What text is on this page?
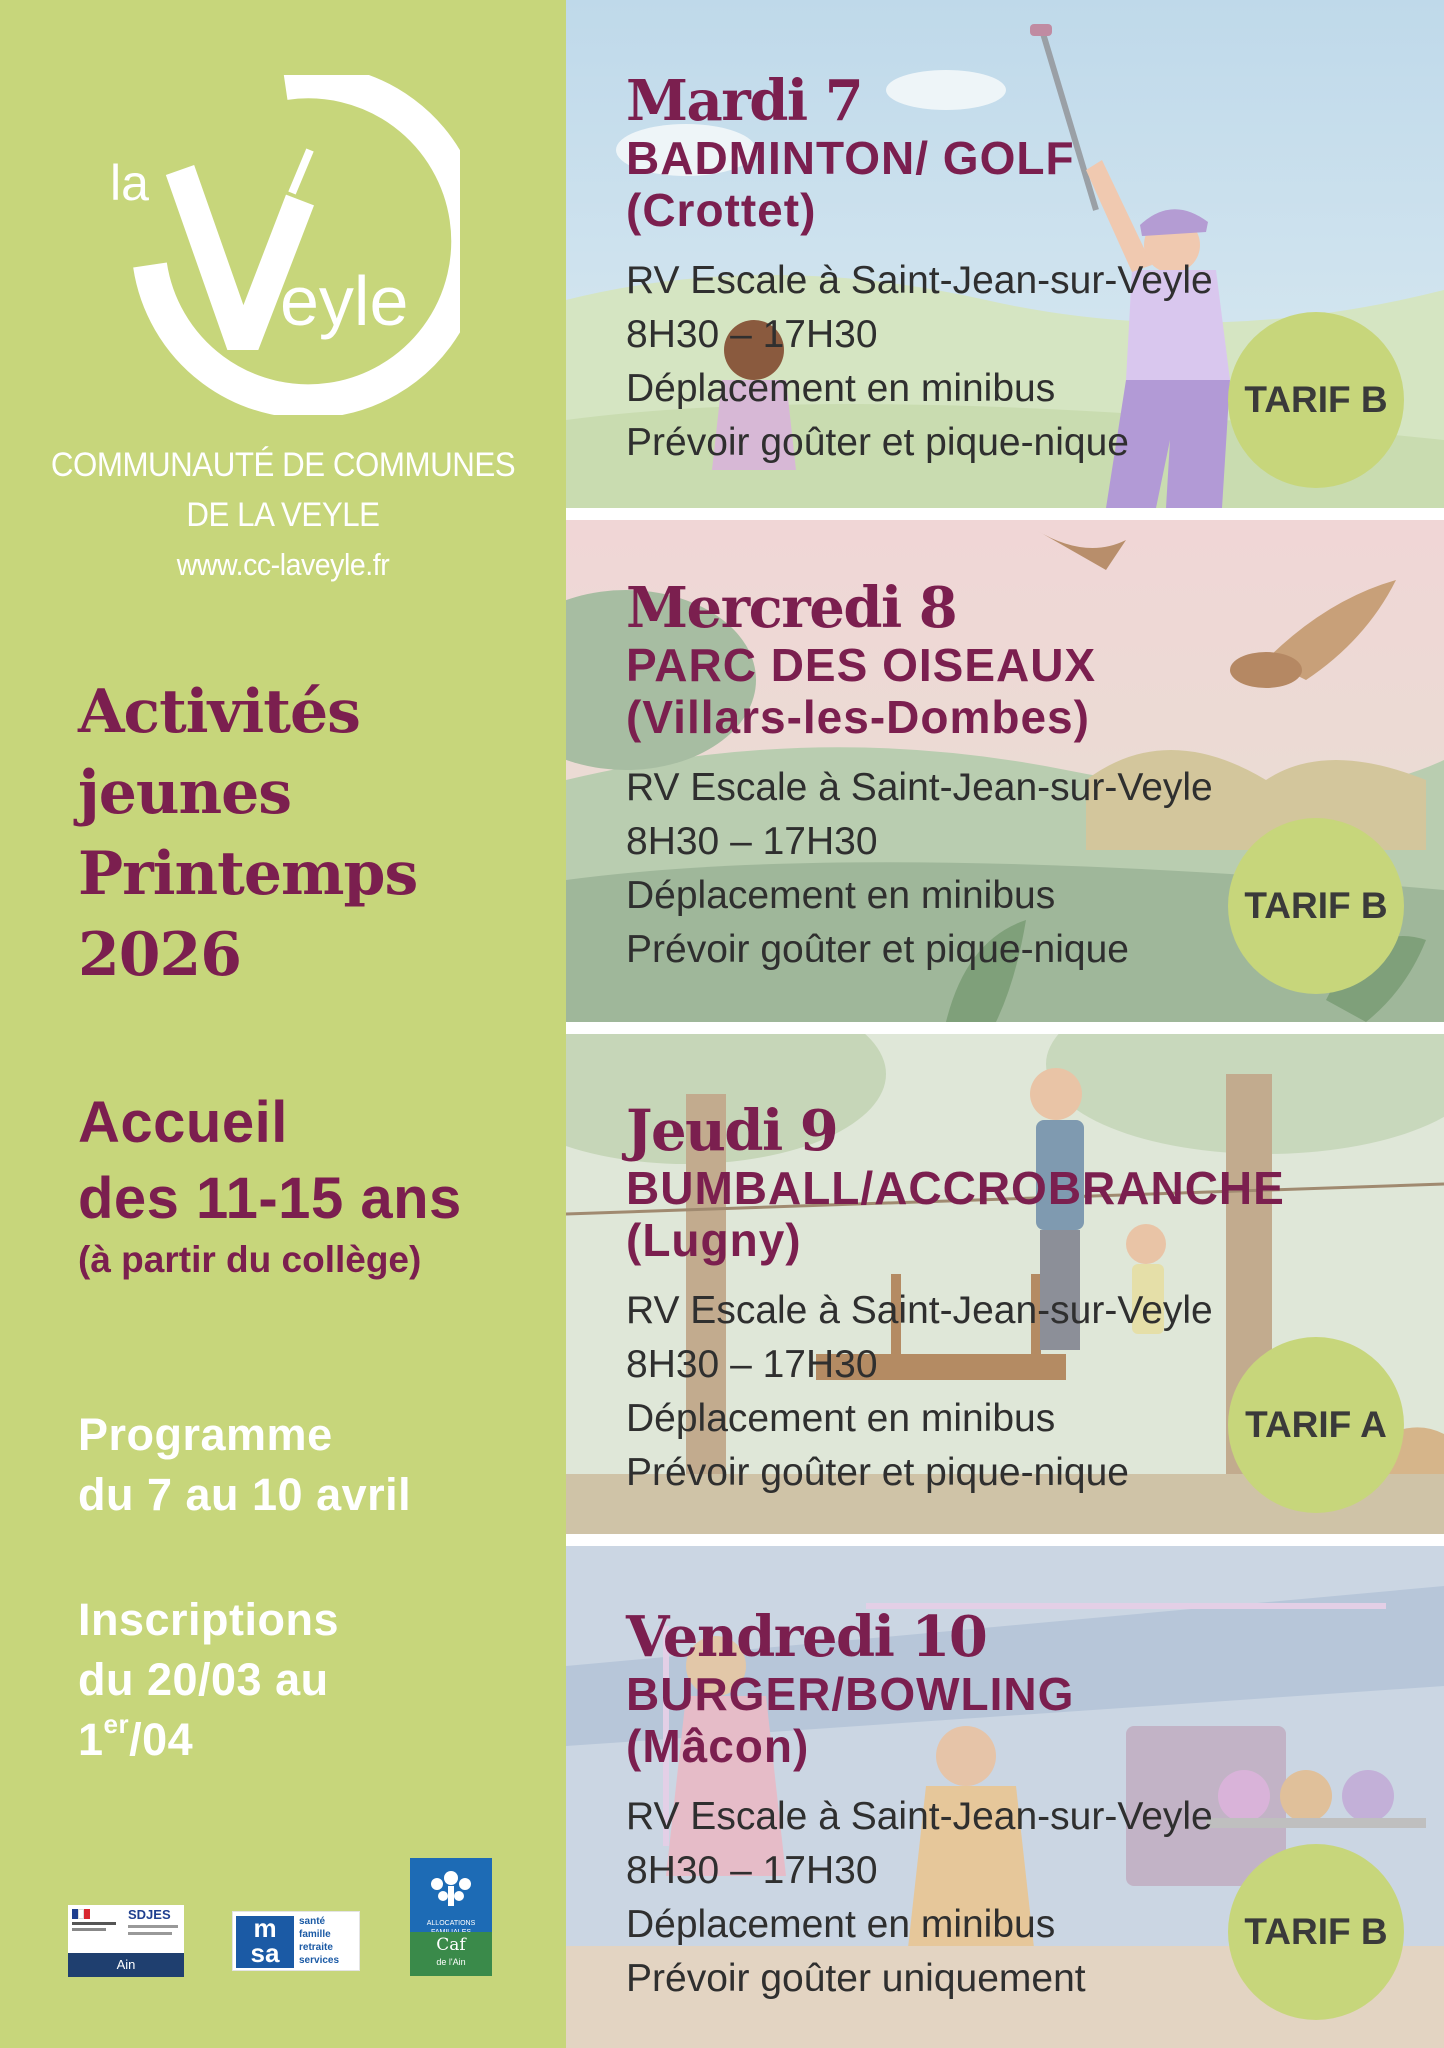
la
eyle
COMMUNAUTÉ DE COMMUNES
DE LA VEYLE
www.cc-laveyle.fr
Activités
jeunes
Printemps
2026
Accueil
des 11-15 ans
(à partir du collège)
Programme
du 7 au 10 avril
Inscriptions
du 20/03 au
1er/04
SDJES
Ain
m
sa
santé
famille
retraite
services
ALLOCATIONS
Caf
de l'Ain
Mardi 7
BADMINTON/ GOLF
(Crottet)
RV Escale à Saint-Jean-sur-Veyle
8H30 – 17H30
Déplacement en minibus
Prévoir goûter et pique-nique
TARIF B
Mercredi 8
PARC DES OISEAUX
(Villars-les-Dombes)
RV Escale à Saint-Jean-sur-Veyle
8H30 – 17H30
Déplacement en minibus
Prévoir goûter et pique-nique
TARIF B
Jeudi 9
BUMBALL/ACCROBRANCHE
(Lugny)
RV Escale à Saint-Jean-sur-Veyle
8H30 – 17H30
Déplacement en minibus
Prévoir goûter et pique-nique
TARIF A
Vendredi 10
BURGER/BOWLING
(Mâcon)
RV Escale à Saint-Jean-sur-Veyle
8H30 – 17H30
Déplacement en minibus
Prévoir goûter uniquement
TARIF B
